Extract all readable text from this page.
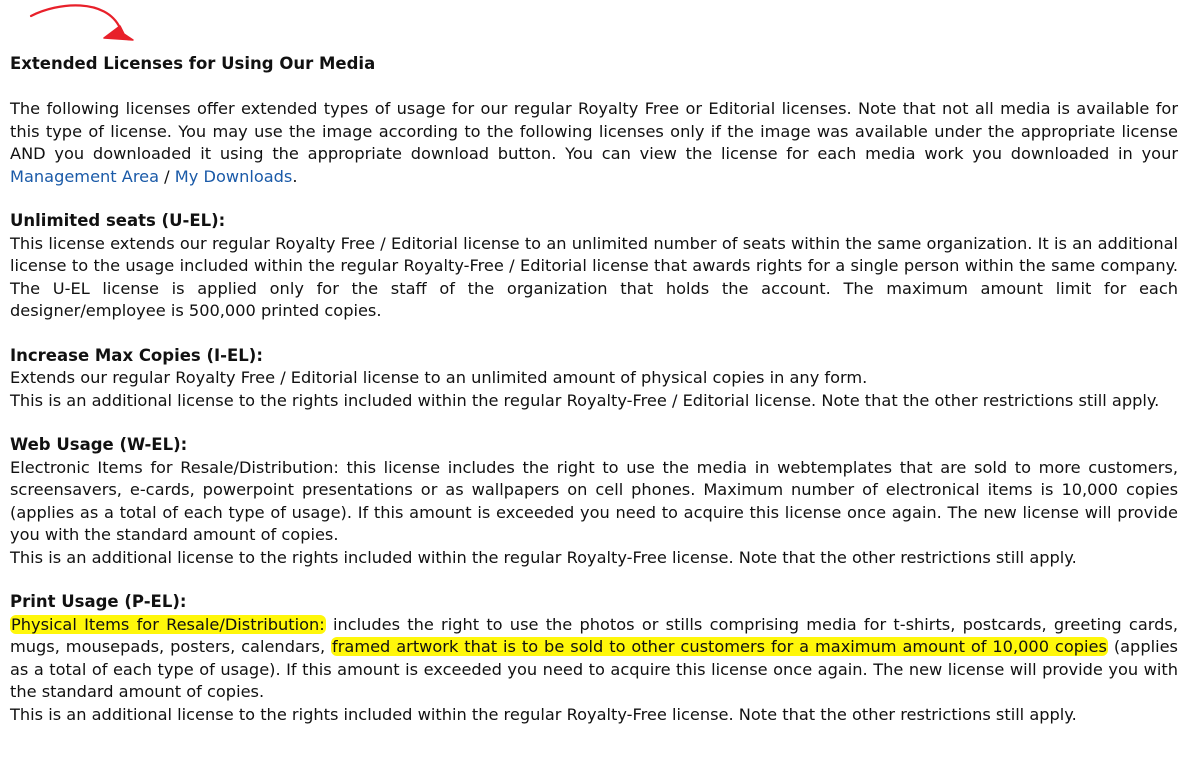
Extended Licenses for Using Our Media

The following licenses offer extended types of usage for our regular Royalty Free or Editorial licenses. Note that not all media is available for this type of license. You may use the image according to the following licenses only if the image was available under the appropriate license AND you downloaded it using the appropriate download button. You can view the license for each media work you downloaded in your Management Area / My Downloads.

Unlimited seats (U-EL):

This license extends our regular Royalty Free / Editorial license to an unlimited number of seats within the same organization. It is an additional license to the usage included within the regular Royalty-Free / Editorial license that awards rights for a single person within the same company. The U-EL license is applied only for the staff of the organization that holds the account. The maximum amount limit for each designer/employee is 500,000 printed copies.

Increase Max Copies (I-EL):

Extends our regular Royalty Free / Editorial license to an unlimited amount of physical copies in any form.

This is an additional license to the rights included within the regular Royalty-Free / Editorial license. Note that the other restrictions still apply.

Web Usage (W-EL):

Electronic Items for Resale/Distribution: this license includes the right to use the media in webtemplates that are sold to more customers, screensavers, e-cards, powerpoint presentations or as wallpapers on cell phones. Maximum number of electronical items is 10,000 copies (applies as a total of each type of usage). If this amount is exceeded you need to acquire this license once again. The new license will provide you with the standard amount of copies.

This is an additional license to the rights included within the regular Royalty-Free license. Note that the other restrictions still apply.

Print Usage (P-EL):

Physical Items for Resale/Distribution: includes the right to use the photos or stills comprising media for t-shirts, postcards, greeting cards, mugs, mousepads, posters, calendars, framed artwork that is to be sold to other customers for a maximum amount of 10,000 copies (applies as a total of each type of usage). If this amount is exceeded you need to acquire this license once again. The new license will provide you with the standard amount of copies.

This is an additional license to the rights included within the regular Royalty-Free license. Note that the other restrictions still apply.
